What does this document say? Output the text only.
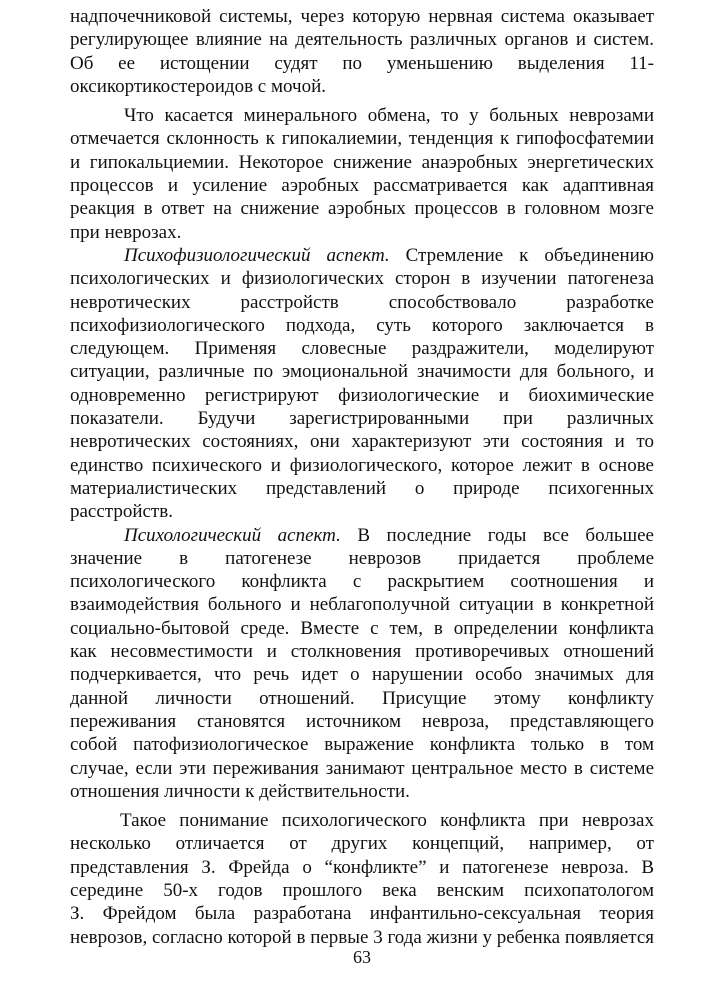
надпочечниковой системы, через которую нервная система оказывает
регулирующее влияние на деятельность различных органов и систем.
Об ее истощении судят по уменьшению выделения 11-
оксикортикостероидов с мочой.
Что касается минерального обмена, то у больных неврозами
отмечается склонность к гипокалиемии, тенденция к гипофосфатемии
и гипокальциемии. Некоторое снижение анаэробных энергетических
процессов и усиление аэробных рассматривается как адаптивная
реакция в ответ на снижение аэробных процессов в головном мозге
при неврозах.
Психофизиологический аспект. Стремление к объединению
психологических и физиологических сторон в изучении патогенеза
невротических расстройств способствовало разработке
психофизиологического подхода, суть которого заключается в
следующем. Применяя словесные раздражители, моделируют
ситуации, различные по эмоциональной значимости для больного, и
одновременно регистрируют физиологические и биохимические
показатели. Будучи зарегистрированными при различных
невротических состояниях, они характеризуют эти состояния и то
единство психического и физиологического, которое лежит в основе
материалистических представлений о природе психогенных
расстройств.
Психологический аспект. В последние годы все большее
значение в патогенезе неврозов придается проблеме
психологического конфликта с раскрытием соотношения и
взаимодействия больного и неблагополучной ситуации в конкретной
социально-бытовой среде. Вместе с тем, в определении конфликта
как несовместимости и столкновения противоречивых отношений
подчеркивается, что речь идет о нарушении особо значимых для
данной личности отношений. Присущие этому конфликту
переживания становятся источником невроза, представляющего
собой патофизиологическое выражение конфликта только в том
случае, если эти переживания занимают центральное место в системе
отношения личности к действительности.
Такое понимание психологического конфликта при неврозах
несколько отличается от других концепций, например, от
представления З. Фрейда о “конфликте” и патогенезе невроза. В
середине 50-х годов прошлого века венским психопатологом
З. Фрейдом была разработана инфантильно-сексуальная теория
неврозов, согласно которой в первые 3 года жизни у ребенка появляется
63
